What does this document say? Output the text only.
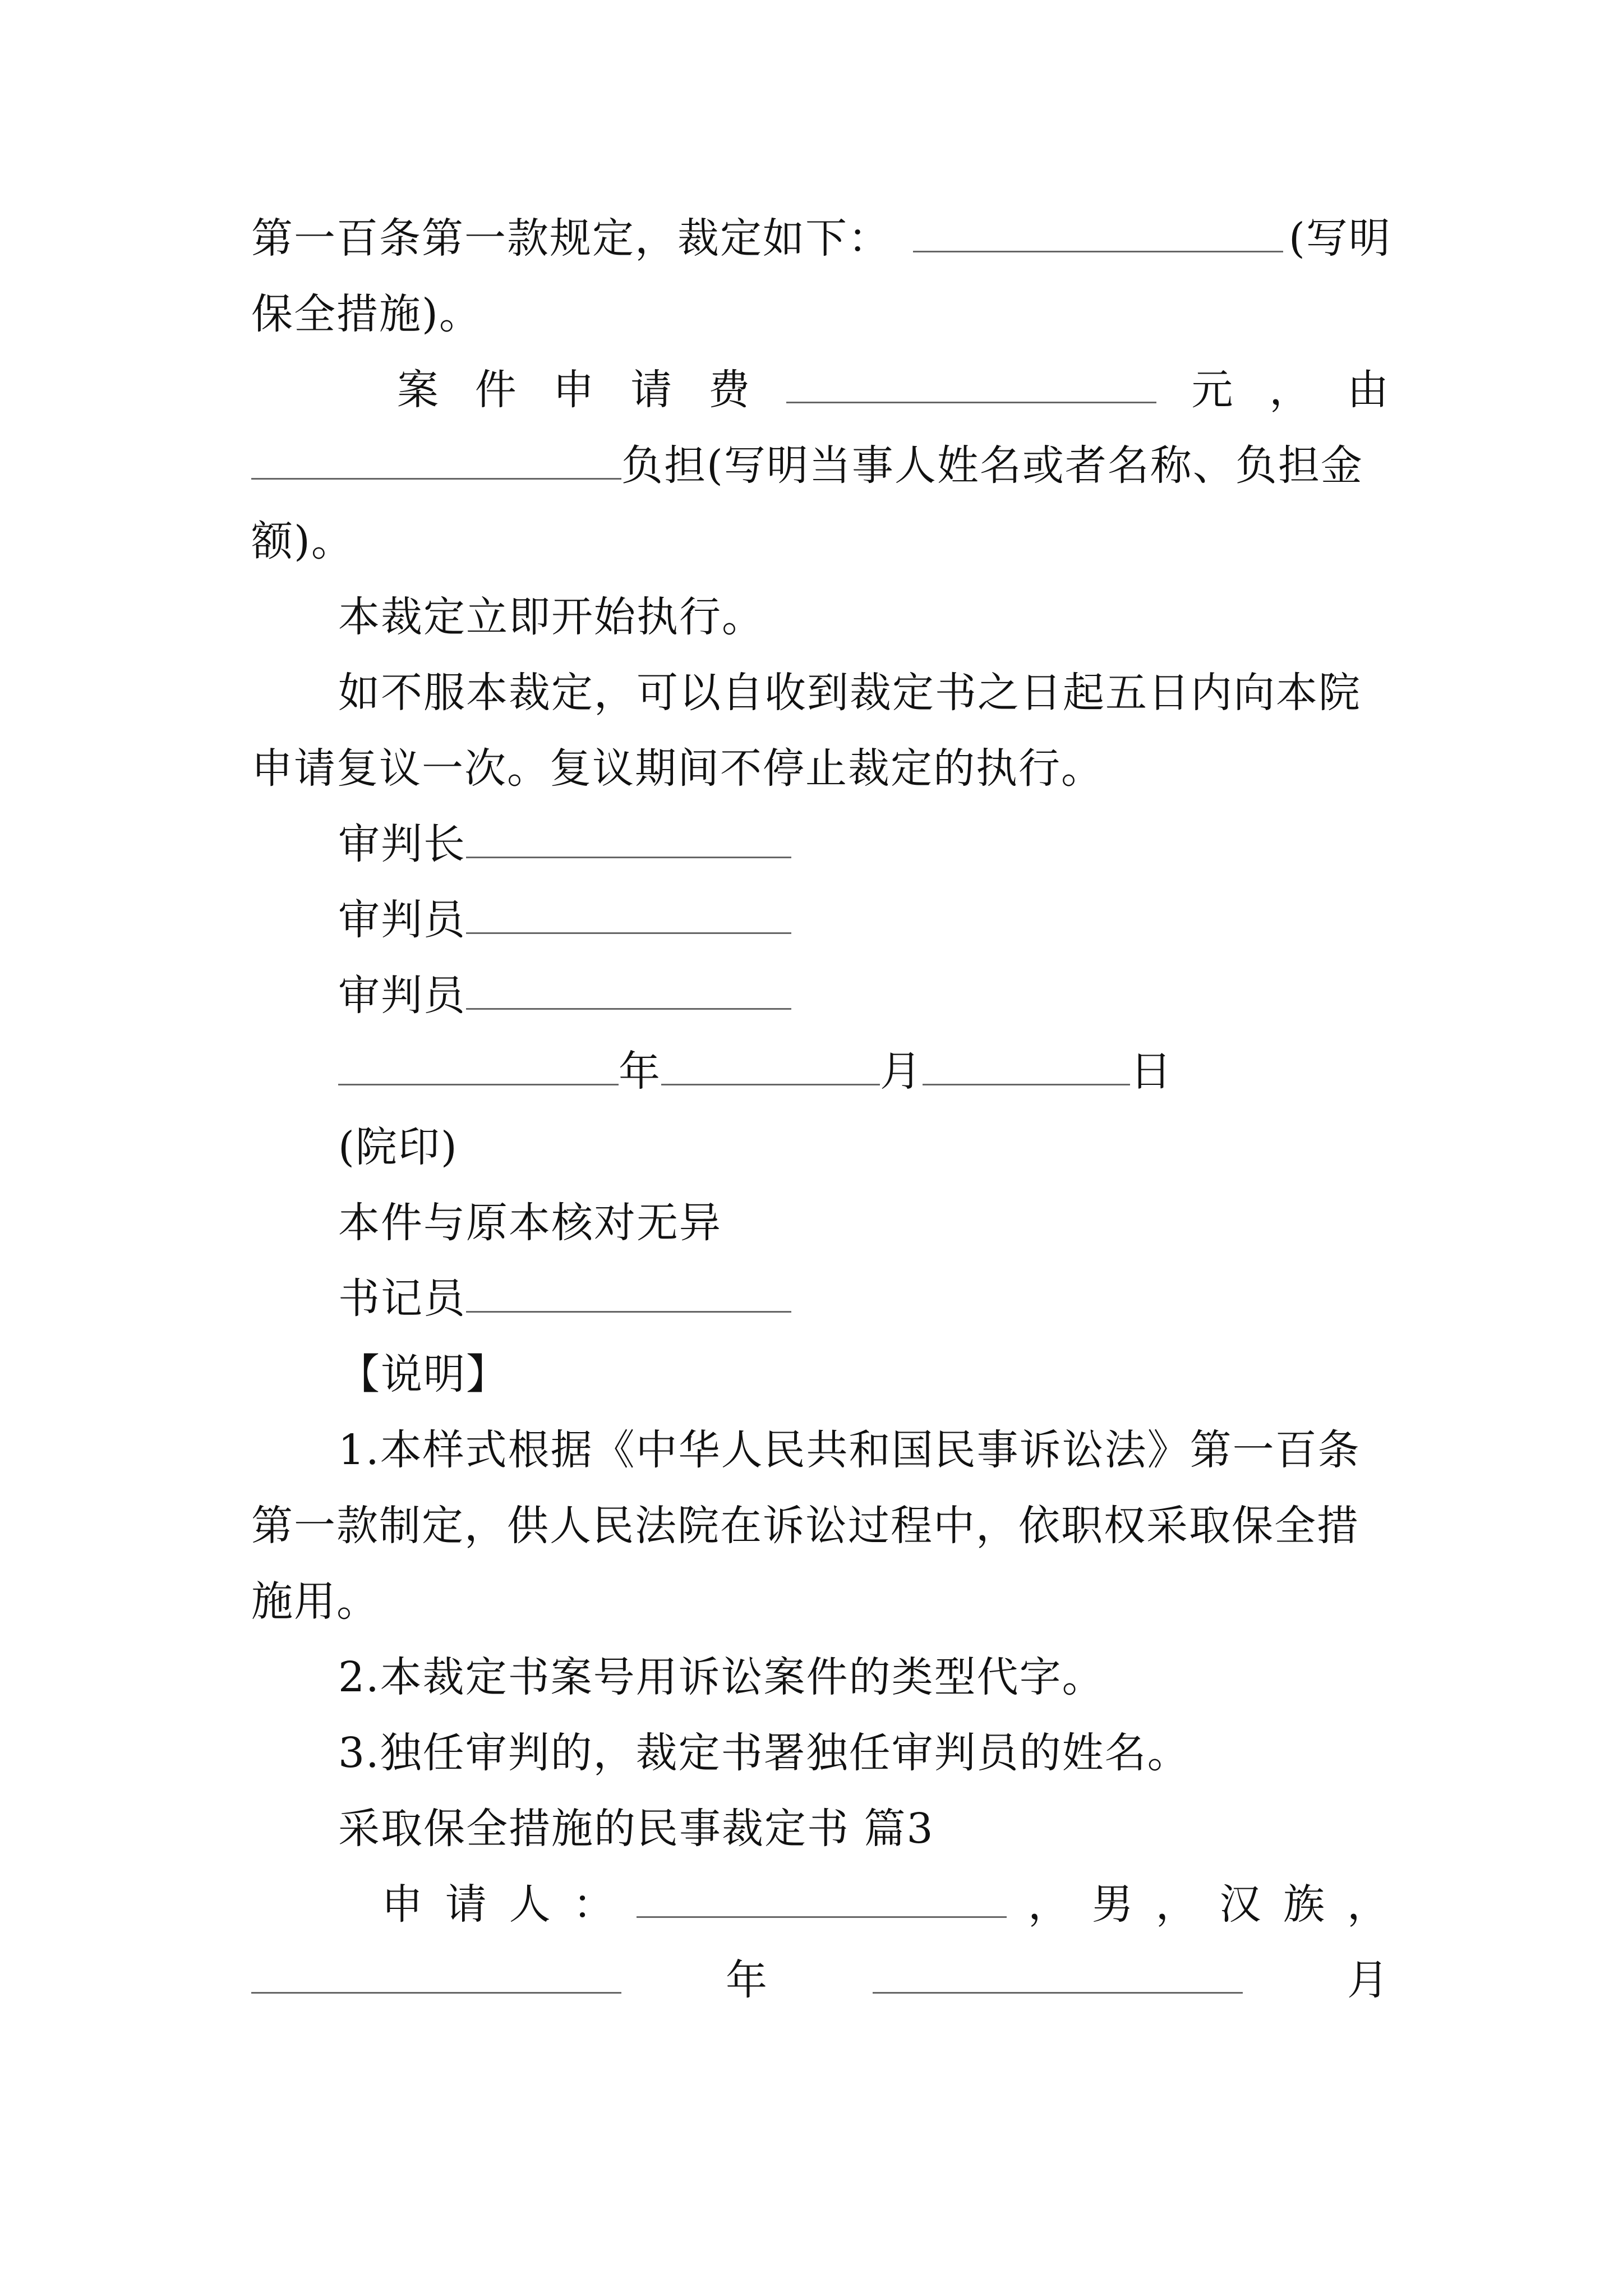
第一百条第一款规定，裁定如下：	(写明
保全措施)。
案 件 申 请 费	元 ， 由
负担(写明当事人姓名或者名称、负担金
额)。
本裁定立即开始执行。
如不服本裁定，可以自收到裁定书之日起五日内向本院
申请复议一次。复议期间不停止裁定的执行。
审判长
审判员
审判员
年	月	日
(院印)
本件与原本核对无异
书记员
【说明】
1.本样式根据《中华人民共和国民事诉讼法》第一百条
第一款制定，供人民法院在诉讼过程中，依职权采取保全措
施用。
2.本裁定书案号用诉讼案件的类型代字。
3.独任审判的，裁定书署独任审判员的姓名。
采取保全措施的民事裁定书 篇3
申 请 人 ：	， 男 ， 汉 族 ，
年	月
